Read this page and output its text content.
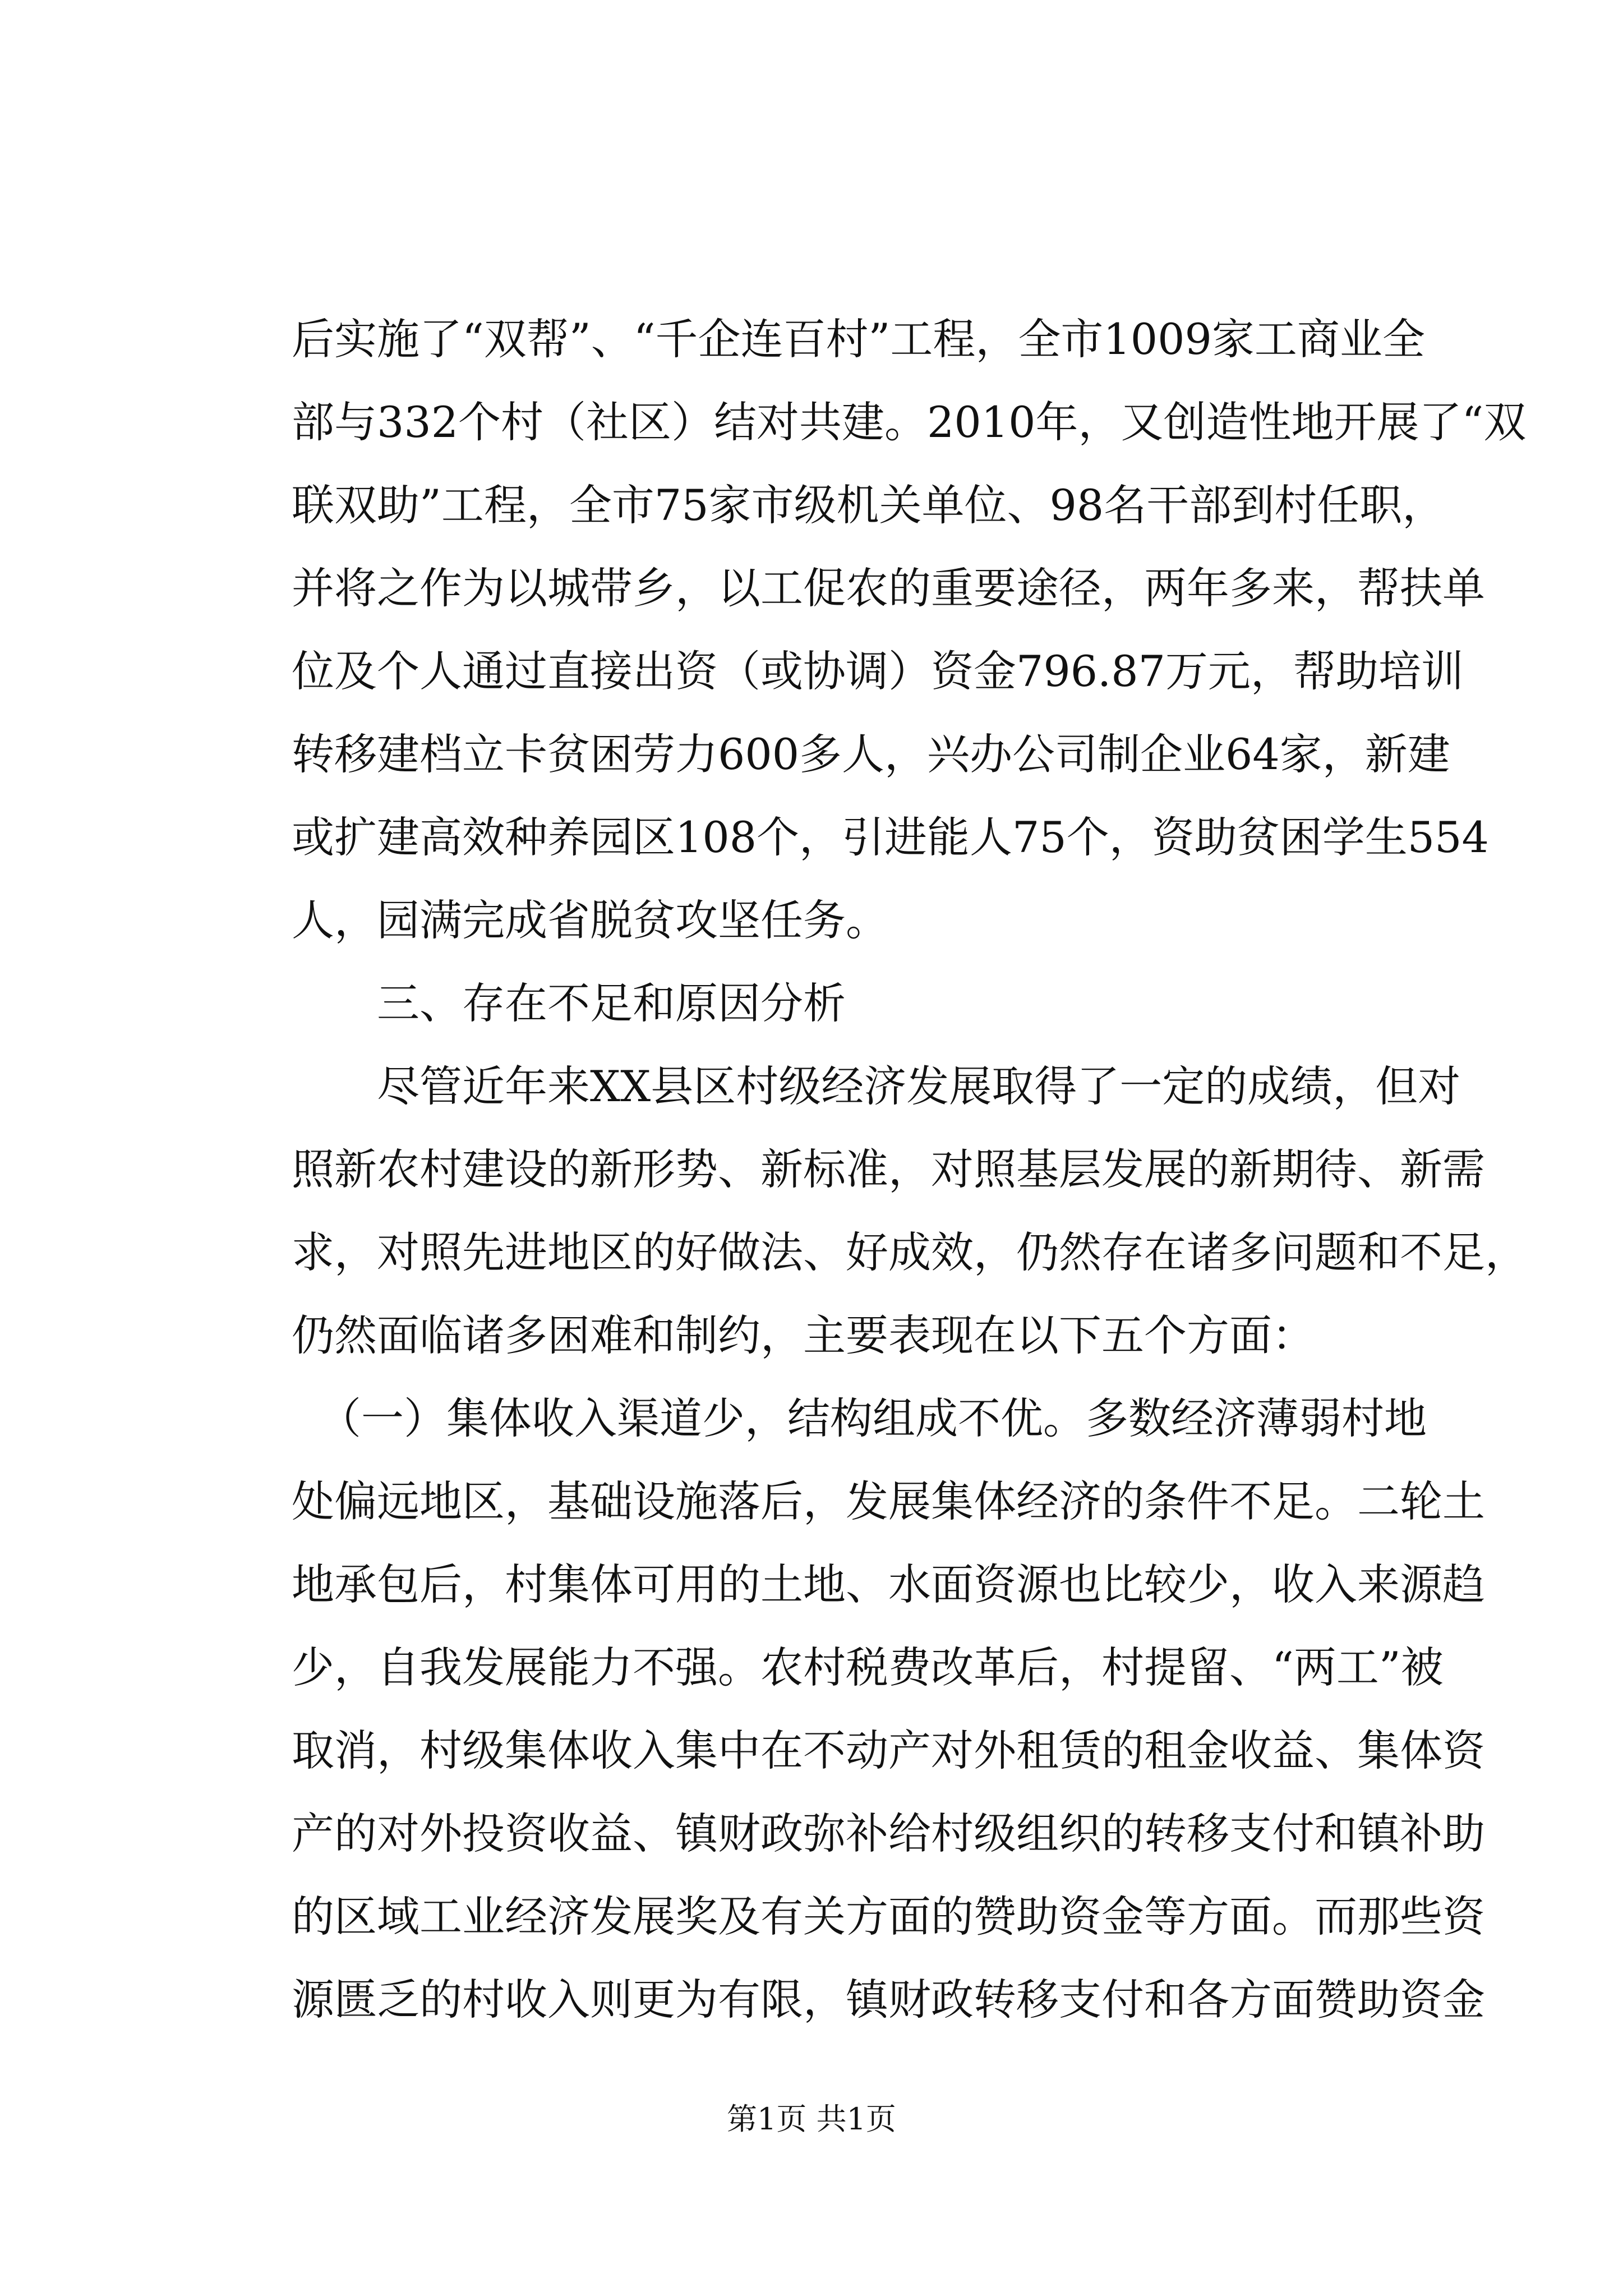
后实施了“双帮”、“千企连百村”工程，全市1009家工商业全
部与332个村（社区）结对共建。2010年，又创造性地开展了“双
联双助”工程，全市75家市级机关单位、98名干部到村任职，
并将之作为以城带乡，以工促农的重要途径，两年多来，帮扶单
位及个人通过直接出资（或协调）资金796.87万元，帮助培训
转移建档立卡贫困劳力600多人，兴办公司制企业64家，新建
或扩建高效种养园区108个，引进能人75个，资助贫困学生554
人，园满完成省脱贫攻坚任务。
三、存在不足和原因分析
尽管近年来XX县区村级经济发展取得了一定的成绩，但对
照新农村建设的新形势、新标准，对照基层发展的新期待、新需
求，对照先进地区的好做法、好成效，仍然存在诸多问题和不足，
仍然面临诸多困难和制约，主要表现在以下五个方面：
（一）集体收入渠道少，结构组成不优。多数经济薄弱村地
处偏远地区，基础设施落后，发展集体经济的条件不足。二轮土
地承包后，村集体可用的土地、水面资源也比较少，收入来源趋
少，自我发展能力不强。农村税费改革后，村提留、“两工”被
取消，村级集体收入集中在不动产对外租赁的租金收益、集体资
产的对外投资收益、镇财政弥补给村级组织的转移支付和镇补助
的区域工业经济发展奖及有关方面的赞助资金等方面。而那些资
源匮乏的村收入则更为有限，镇财政转移支付和各方面赞助资金
第1页 共1页
